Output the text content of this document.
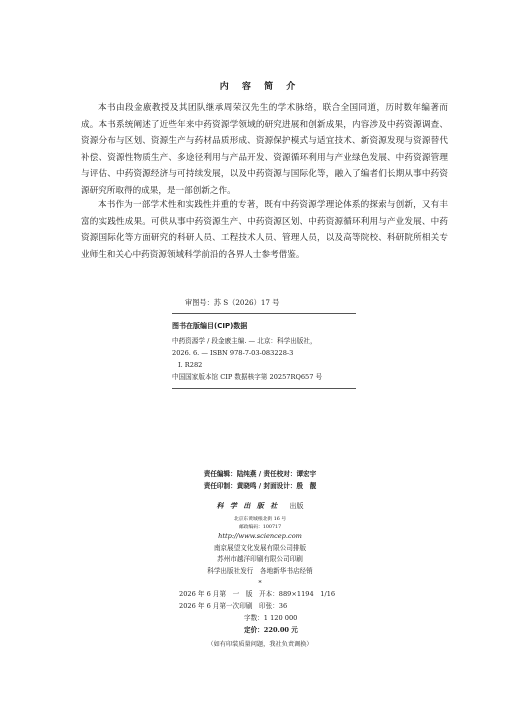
内 容 简 介

本书由段金廒教授及其团队继承周荣汉先生的学术脉络，联合全国同道，历时数年编著而成。本书系统阐述了近些年来中药资源学领域的研究进展和创新成果，内容涉及中药资源调查、资源分布与区划、资源生产与药材品质形成、资源保护模式与适宜技术、新资源发现与资源替代补偿、资源性物质生产、多途径利用与产品开发、资源循环利用与产业绿色发展、中药资源管理与评估、中药资源经济与可持续发展，以及中药资源与国际化等，融入了编者们长期从事中药资源研究所取得的成果，是一部创新之作。

本书作为一部学术性和实践性并重的专著，既有中药资源学理论体系的探索与创新，又有丰富的实践性成果。可供从事中药资源生产、中药资源区划、中药资源循环利用与产业发展、中药资源国际化等方面研究的科研人员、工程技术人员、管理人员，以及高等院校、科研院所相关专业师生和关心中药资源领域科学前沿的各界人士参考借鉴。

审图号：苏 S（2026）17 号
图书在版编目(CIP)数据
中药资源学 / 段金廒主编. — 北京：科学出版社，
2026. 6. — ISBN 978-7-03-083228-3
Ⅰ. R282
中国国家版本馆 CIP 数据核字第 20257RQ657 号
责任编辑：陆纯燕 / 责任校对：谭宏宇
责任印制：黄晓鸣 / 封面设计：殷　靓
科 学 出 版 社 出版
北京东黄城根北街 16 号
邮政编码：100717
http://www.sciencep.com
南京展望文化发展有限公司排版
苏州市越洋印刷有限公司印刷
科学出版社发行　各地新华书店经销
*
2026 年 6 月第　一　版　开本：889×1194　1/16
2026 年 6 月第一次印刷　印张：36
字数：1 120 000
定价：220.00 元
（如有印装质量问题，我社负责调换）
